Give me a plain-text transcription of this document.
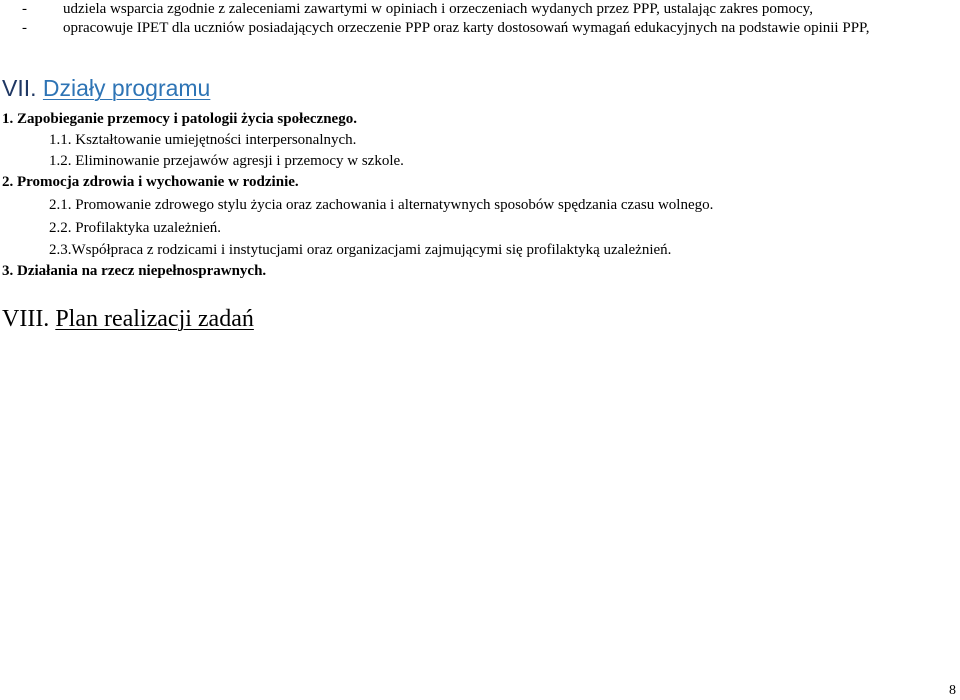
- udziela wsparcia zgodnie z zaleceniami zawartymi w opiniach i orzeczeniach wydanych przez PPP, ustalając zakres pomocy,
- opracowuje IPET dla uczniów posiadających orzeczenie PPP oraz karty dostosowań wymagań edukacyjnych na podstawie opinii PPP,
VII. Działy programu
1. Zapobieganie przemocy i patologii życia społecznego.
1.1. Kształtowanie umiejętności interpersonalnych.
1.2. Eliminowanie przejawów agresji i przemocy w szkole.
2. Promocja zdrowia i wychowanie w rodzinie.
2.1. Promowanie zdrowego stylu życia oraz zachowania i alternatywnych sposobów spędzania czasu wolnego.
2.2. Profilaktyka uzależnień.
2.3.Współpraca z rodzicami i instytucjami oraz organizacjami zajmującymi się profilaktyką uzależnień.
3. Działania na rzecz niepełnosprawnych.
VIII. Plan realizacji zadań
8
